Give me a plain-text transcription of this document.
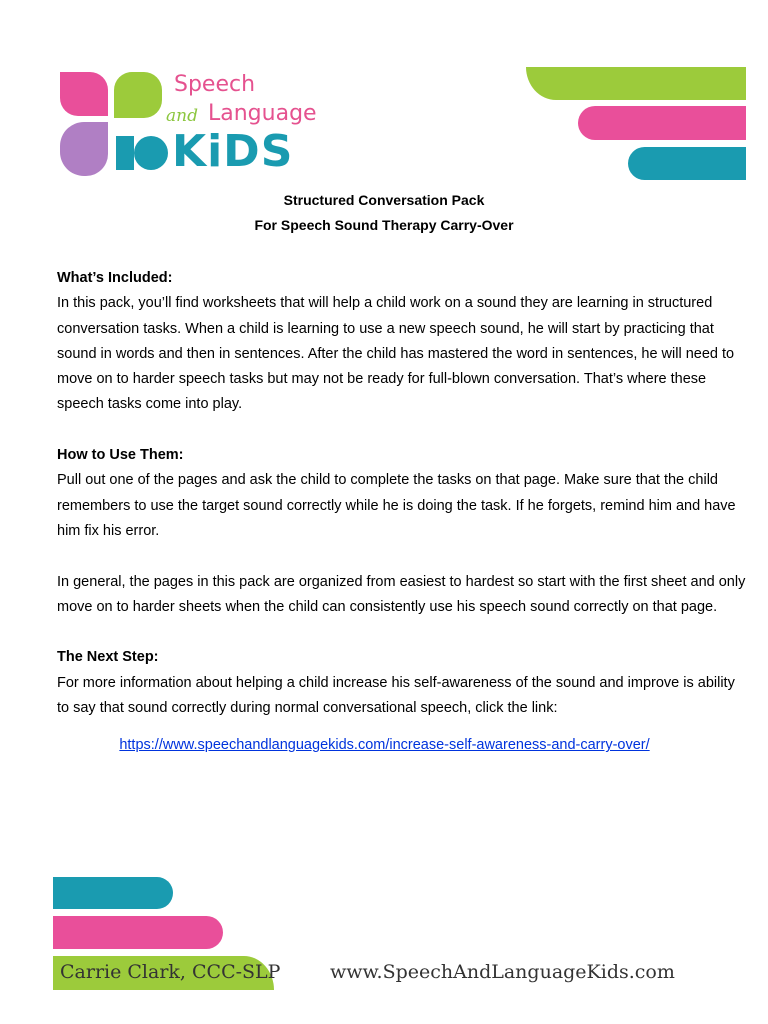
Speech
and Language
KiDS
Structured Conversation Pack
For Speech Sound Therapy Carry-Over
What’s Included:

In this pack, you’ll find worksheets that will help a child work on a sound they are learning in structured conversation tasks. When a child is learning to use a new speech sound, he will start by practicing that sound in words and then in sentences. After the child has mastered the word in sentences, he will need to move on to harder speech tasks but may not be ready for full-blown conversation. That’s where these speech tasks come into play.

How to Use Them:

Pull out one of the pages and ask the child to complete the tasks on that page. Make sure that the child remembers to use the target sound correctly while he is doing the task. If he forgets, remind him and have him fix his error.

In general, the pages in this pack are organized from easiest to hardest so start with the first sheet and only move on to harder sheets when the child can consistently use his speech sound correctly on that page.

The Next Step:

For more information about helping a child increase his self-awareness of the sound and improve is ability to say that sound correctly during normal conversational speech, click the link:

https://www.speechandlanguagekids.com/increase-self-awareness-and-carry-over/
Carrie Clark, CCC-SLP	www.SpeechAndLanguageKids.com
